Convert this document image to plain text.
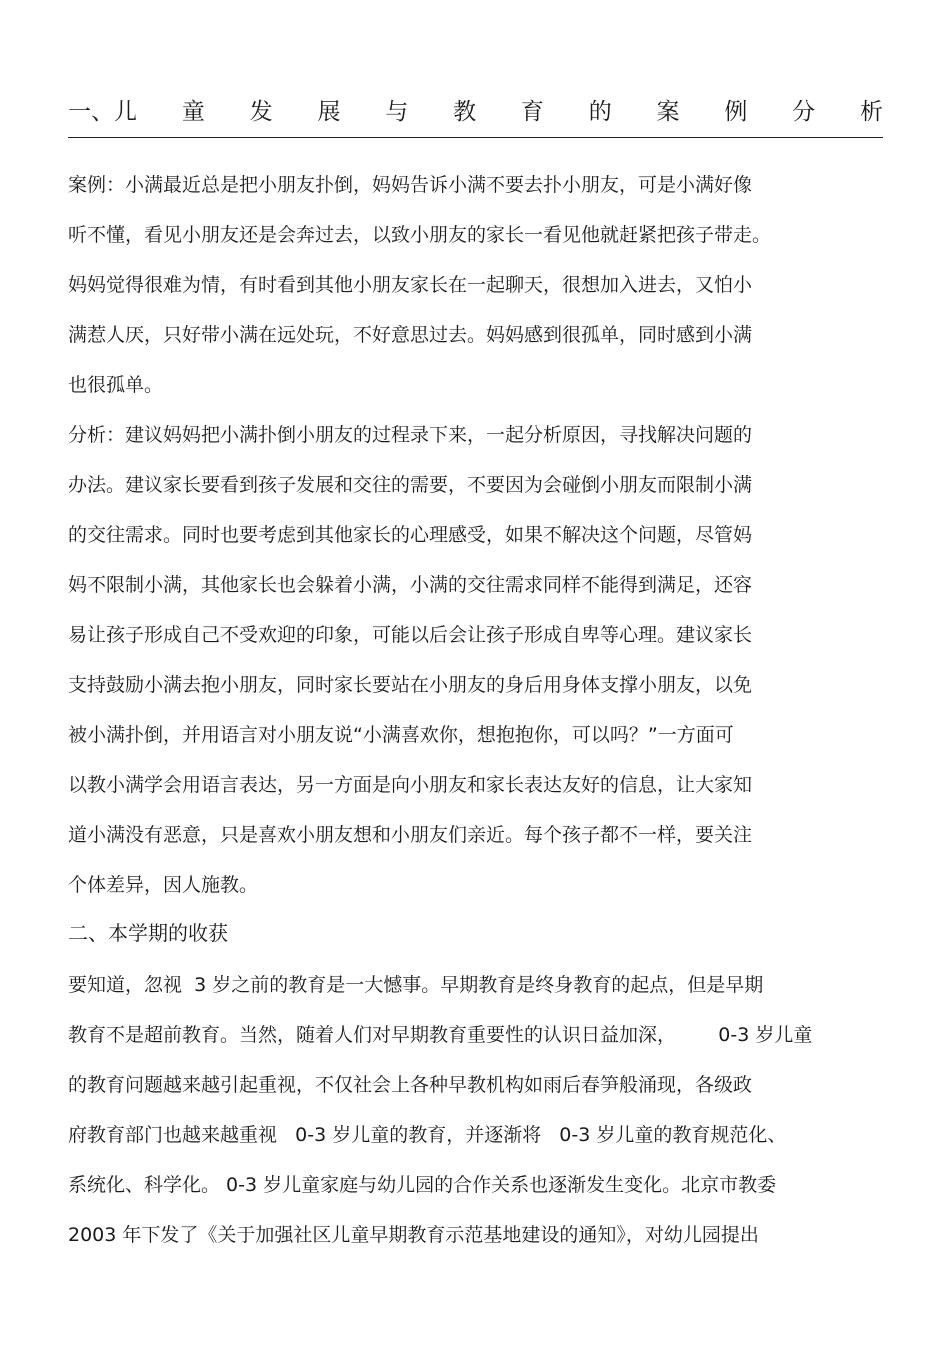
一、儿 童 发 展 与 教 育 的 案 例 分 析
案例：小满最近总是把小朋友扑倒，妈妈告诉小满不要去扑小朋友，可是小满好像
听不懂，看见小朋友还是会奔过去，以致小朋友的家长一看见他就赶紧把孩子带走。
妈妈觉得很难为情，有时看到其他小朋友家长在一起聊天，很想加入进去，又怕小
满惹人厌，只好带小满在远处玩，不好意思过去。妈妈感到很孤单，同时感到小满
也很孤单。
分析：建议妈妈把小满扑倒小朋友的过程录下来，一起分析原因，寻找解决问题的
办法。建议家长要看到孩子发展和交往的需要，不要因为会碰倒小朋友而限制小满
的交往需求。同时也要考虑到其他家长的心理感受，如果不解决这个问题，尽管妈
妈不限制小满，其他家长也会躲着小满，小满的交往需求同样不能得到满足，还容
易让孩子形成自己不受欢迎的印象，可能以后会让孩子形成自卑等心理。建议家长
支持鼓励小满去抱小朋友，同时家长要站在小朋友的身后用身体支撑小朋友，以免
被小满扑倒，并用语言对小朋友说“小满喜欢你，想抱抱你，可以吗？”一方面可
以教小满学会用语言表达，另一方面是向小朋友和家长表达友好的信息，让大家知
道小满没有恶意，只是喜欢小朋友想和小朋友们亲近。每个孩子都不一样，要关注
个体差异，因人施教。
二、本学期的收获
要知道，忽视  3 岁之前的教育是一大憾事。早期教育是终身教育的起点，但是早期
教育不是超前教育。当然，随着人们对早期教育重要性的认识日益加深，       0-3 岁儿童
的教育问题越来越引起重视，不仅社会上各种早教机构如雨后春笋般涌现，各级政
府教育部门也越来越重视   0-3 岁儿童的教育，并逐渐将   0-3 岁儿童的教育规范化、
系统化、科学化。 0-3 岁儿童家庭与幼儿园的合作关系也逐渐发生变化。北京市教委
2003 年下发了《关于加强社区儿童早期教育示范基地建设的通知》，对幼儿园提出
